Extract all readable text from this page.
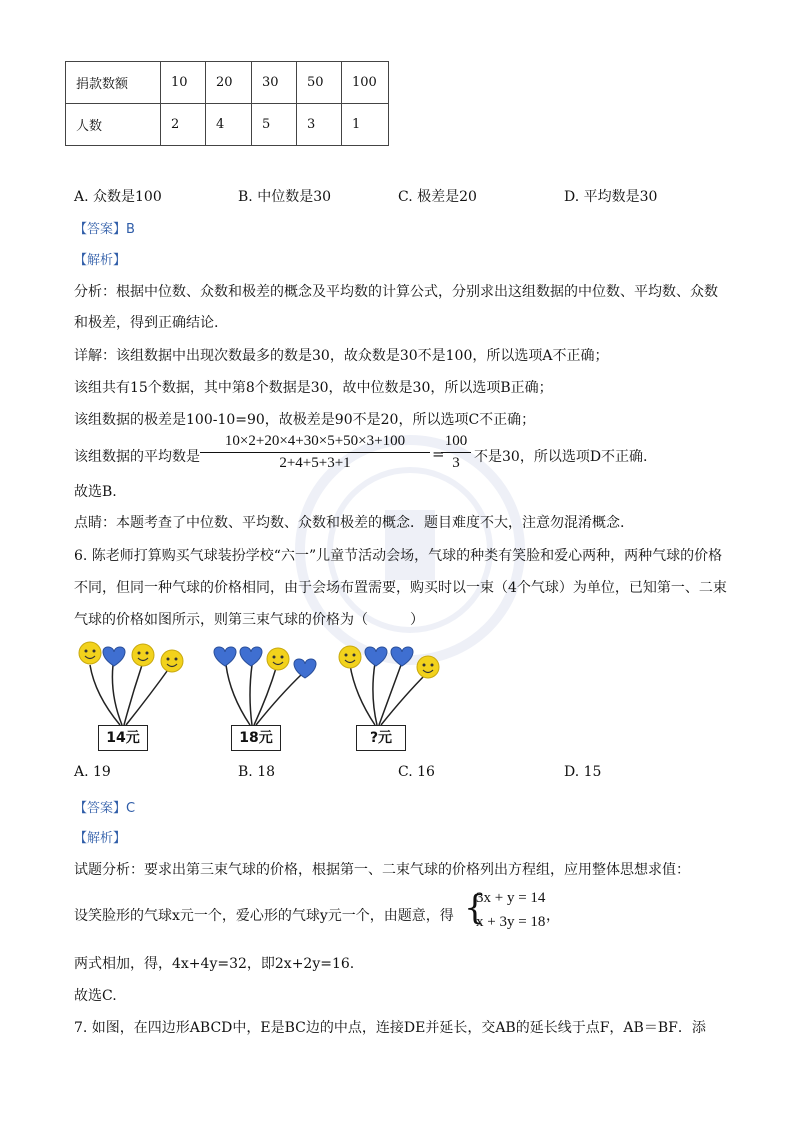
捐款数额	10	20	30	50	100
人数	2	4	5	3	1
A. 众数是100	B. 中位数是30	C. 极差是20	D. 平均数是30
【答案】B
【解析】
分析：根据中位数、众数和极差的概念及平均数的计算公式，分别求出这组数据的中位数、平均数、众数
和极差，得到正确结论.
详解：该组数据中出现次数最多的数是30，故众数是30不是100，所以选项A不正确；
该组共有15个数据，其中第8个数据是30，故中位数是30，所以选项B正确；
该组数据的极差是100-10=90，故极差是90不是20，所以选项C不正确；
该组数据的平均数是 $\frac{10\times 2+20\times 4+30\times 5+50\times 3+100}{2+4+5+3+1}$ =
$\frac{100}{3}$ 不是30，所以选项D不正确.
故选B.
点睛：本题考查了中位数、平均数、众数和极差的概念．题目难度不大，注意勿混淆概念.
6. 陈老师打算购买气球装扮学校“六一”儿童节活动会场，气球的种类有笑脸和爱心两种，两种气球的价格
不同，但同一种气球的价格相同，由于会场布置需要，购买时以一束（4个气球）为单位，已知第一、二束
气球的价格如图所示，则第三束气球的价格为（　　　）
14元	18元	?元
A. 19	B. 18	C. 16	D. 15
【答案】C
【解析】
试题分析：要求出第三束气球的价格，根据第一、二束气球的价格列出方程组，应用整体思想求值：
设笑脸形的气球x元一个，爱心形的气球y元一个，由题意，得 {
3x + y = 14
x + 3y = 18 ，
两式相加，得，4x+4y=32，即2x+2y=16.
故选C.
7. 如图，在四边形ABCD中，E是BC边的中点，连接DE并延长，交AB的延长线于点F，AB＝BF．添
